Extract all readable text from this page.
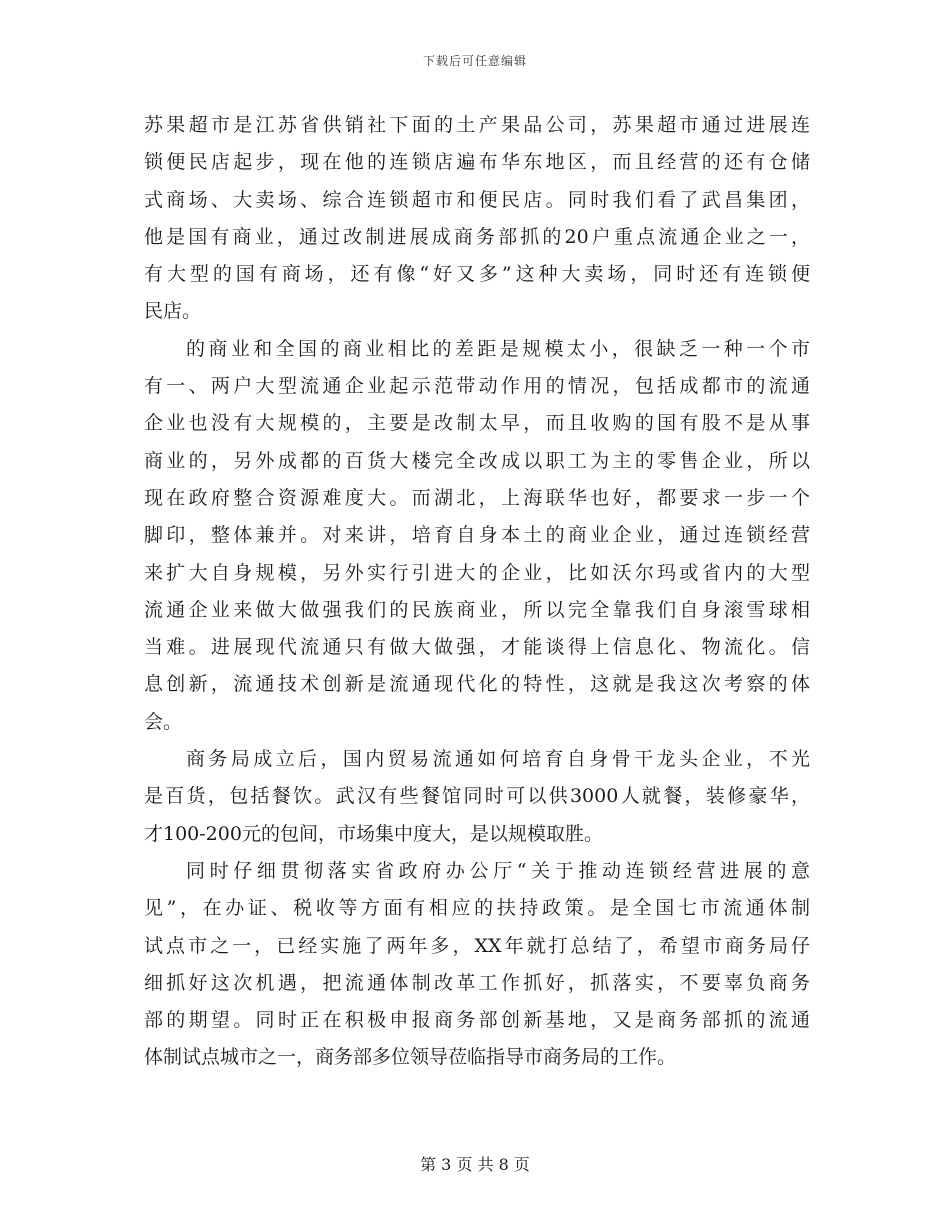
下载后可任意编辑
苏果超市是江苏省供销社下面的土产果品公司，苏果超市通过进展连
锁便民店起步，现在他的连锁店遍布华东地区，而且经营的还有仓储
式商场、大卖场、综合连锁超市和便民店。同时我们看了武昌集团，
他是国有商业，通过改制进展成商务部抓的20户重点流通企业之一，
有大型的国有商场，还有像“好又多”这种大卖场，同时还有连锁便
民店。
的商业和全国的商业相比的差距是规模太小，很缺乏一种一个市
有一、两户大型流通企业起示范带动作用的情况，包括成都市的流通
企业也没有大规模的，主要是改制太早，而且收购的国有股不是从事
商业的，另外成都的百货大楼完全改成以职工为主的零售企业，所以
现在政府整合资源难度大。而湖北，上海联华也好，都要求一步一个
脚印，整体兼并。对来讲，培育自身本土的商业企业，通过连锁经营
来扩大自身规模，另外实行引进大的企业，比如沃尔玛或省内的大型
流通企业来做大做强我们的民族商业，所以完全靠我们自身滚雪球相
当难。进展现代流通只有做大做强，才能谈得上信息化、物流化。信
息创新，流通技术创新是流通现代化的特性，这就是我这次考察的体
会。
商务局成立后，国内贸易流通如何培育自身骨干龙头企业，不光
是百货，包括餐饮。武汉有些餐馆同时可以供3000人就餐，装修豪华，
才100-200元的包间，市场集中度大，是以规模取胜。
同时仔细贯彻落实省政府办公厅“关于推动连锁经营进展的意
见”，在办证、税收等方面有相应的扶持政策。是全国七市流通体制
试点市之一，已经实施了两年多，XX年就打总结了，希望市商务局仔
细抓好这次机遇，把流通体制改革工作抓好，抓落实，不要辜负商务
部的期望。同时正在积极申报商务部创新基地，又是商务部抓的流通
体制试点城市之一，商务部多位领导莅临指导市商务局的工作。
第 3 页 共 8 页
